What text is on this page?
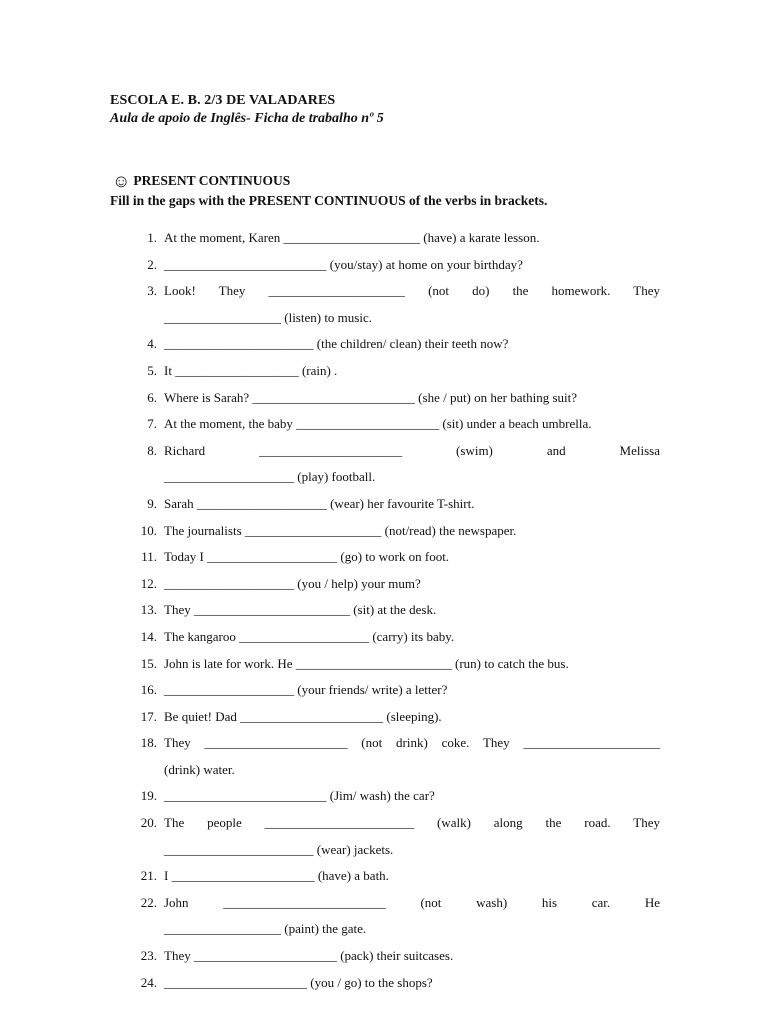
ESCOLA E. B. 2/3 DE VALADARES
Aula de apoio de Inglês- Ficha de trabalho nº 5
☺ PRESENT CONTINUOUS
Fill in the gaps with the PRESENT CONTINUOUS of the verbs in brackets.
1. At the moment, Karen _____________________ (have) a karate lesson.
2. _________________________ (you/stay) at home on your birthday?
3. Look! They _____________________ (not do) the homework. They
__________________ (listen) to music.
4. _______________________ (the children/ clean) their teeth now?
5. It ___________________ (rain) .
6. Where is Sarah? _________________________ (she / put) on her bathing suit?
7. At the moment, the baby ______________________ (sit) under a beach umbrella.
8. Richard ______________________ (swim) and Melissa
____________________ (play) football.
9. Sarah ____________________ (wear) her favourite T-shirt.
10. The journalists _____________________ (not/read) the newspaper.
11. Today I ____________________ (go) to work on foot.
12. ____________________ (you / help) your mum?
13. They ________________________ (sit) at the desk.
14. The kangaroo ____________________ (carry) its baby.
15. John is late for work. He ________________________ (run) to catch the bus.
16. ____________________ (your friends/ write) a letter?
17. Be quiet! Dad ______________________ (sleeping).
18. They ______________________ (not drink) coke. They _____________________
(drink) water.
19. _________________________ (Jim/ wash) the car?
20. The people _______________________ (walk) along the road. They
_______________________ (wear) jackets.
21. I ______________________ (have) a bath.
22. John _________________________ (not wash) his car. He
__________________ (paint) the gate.
23. They ______________________ (pack) their suitcases.
24. ______________________ (you / go) to the shops?
